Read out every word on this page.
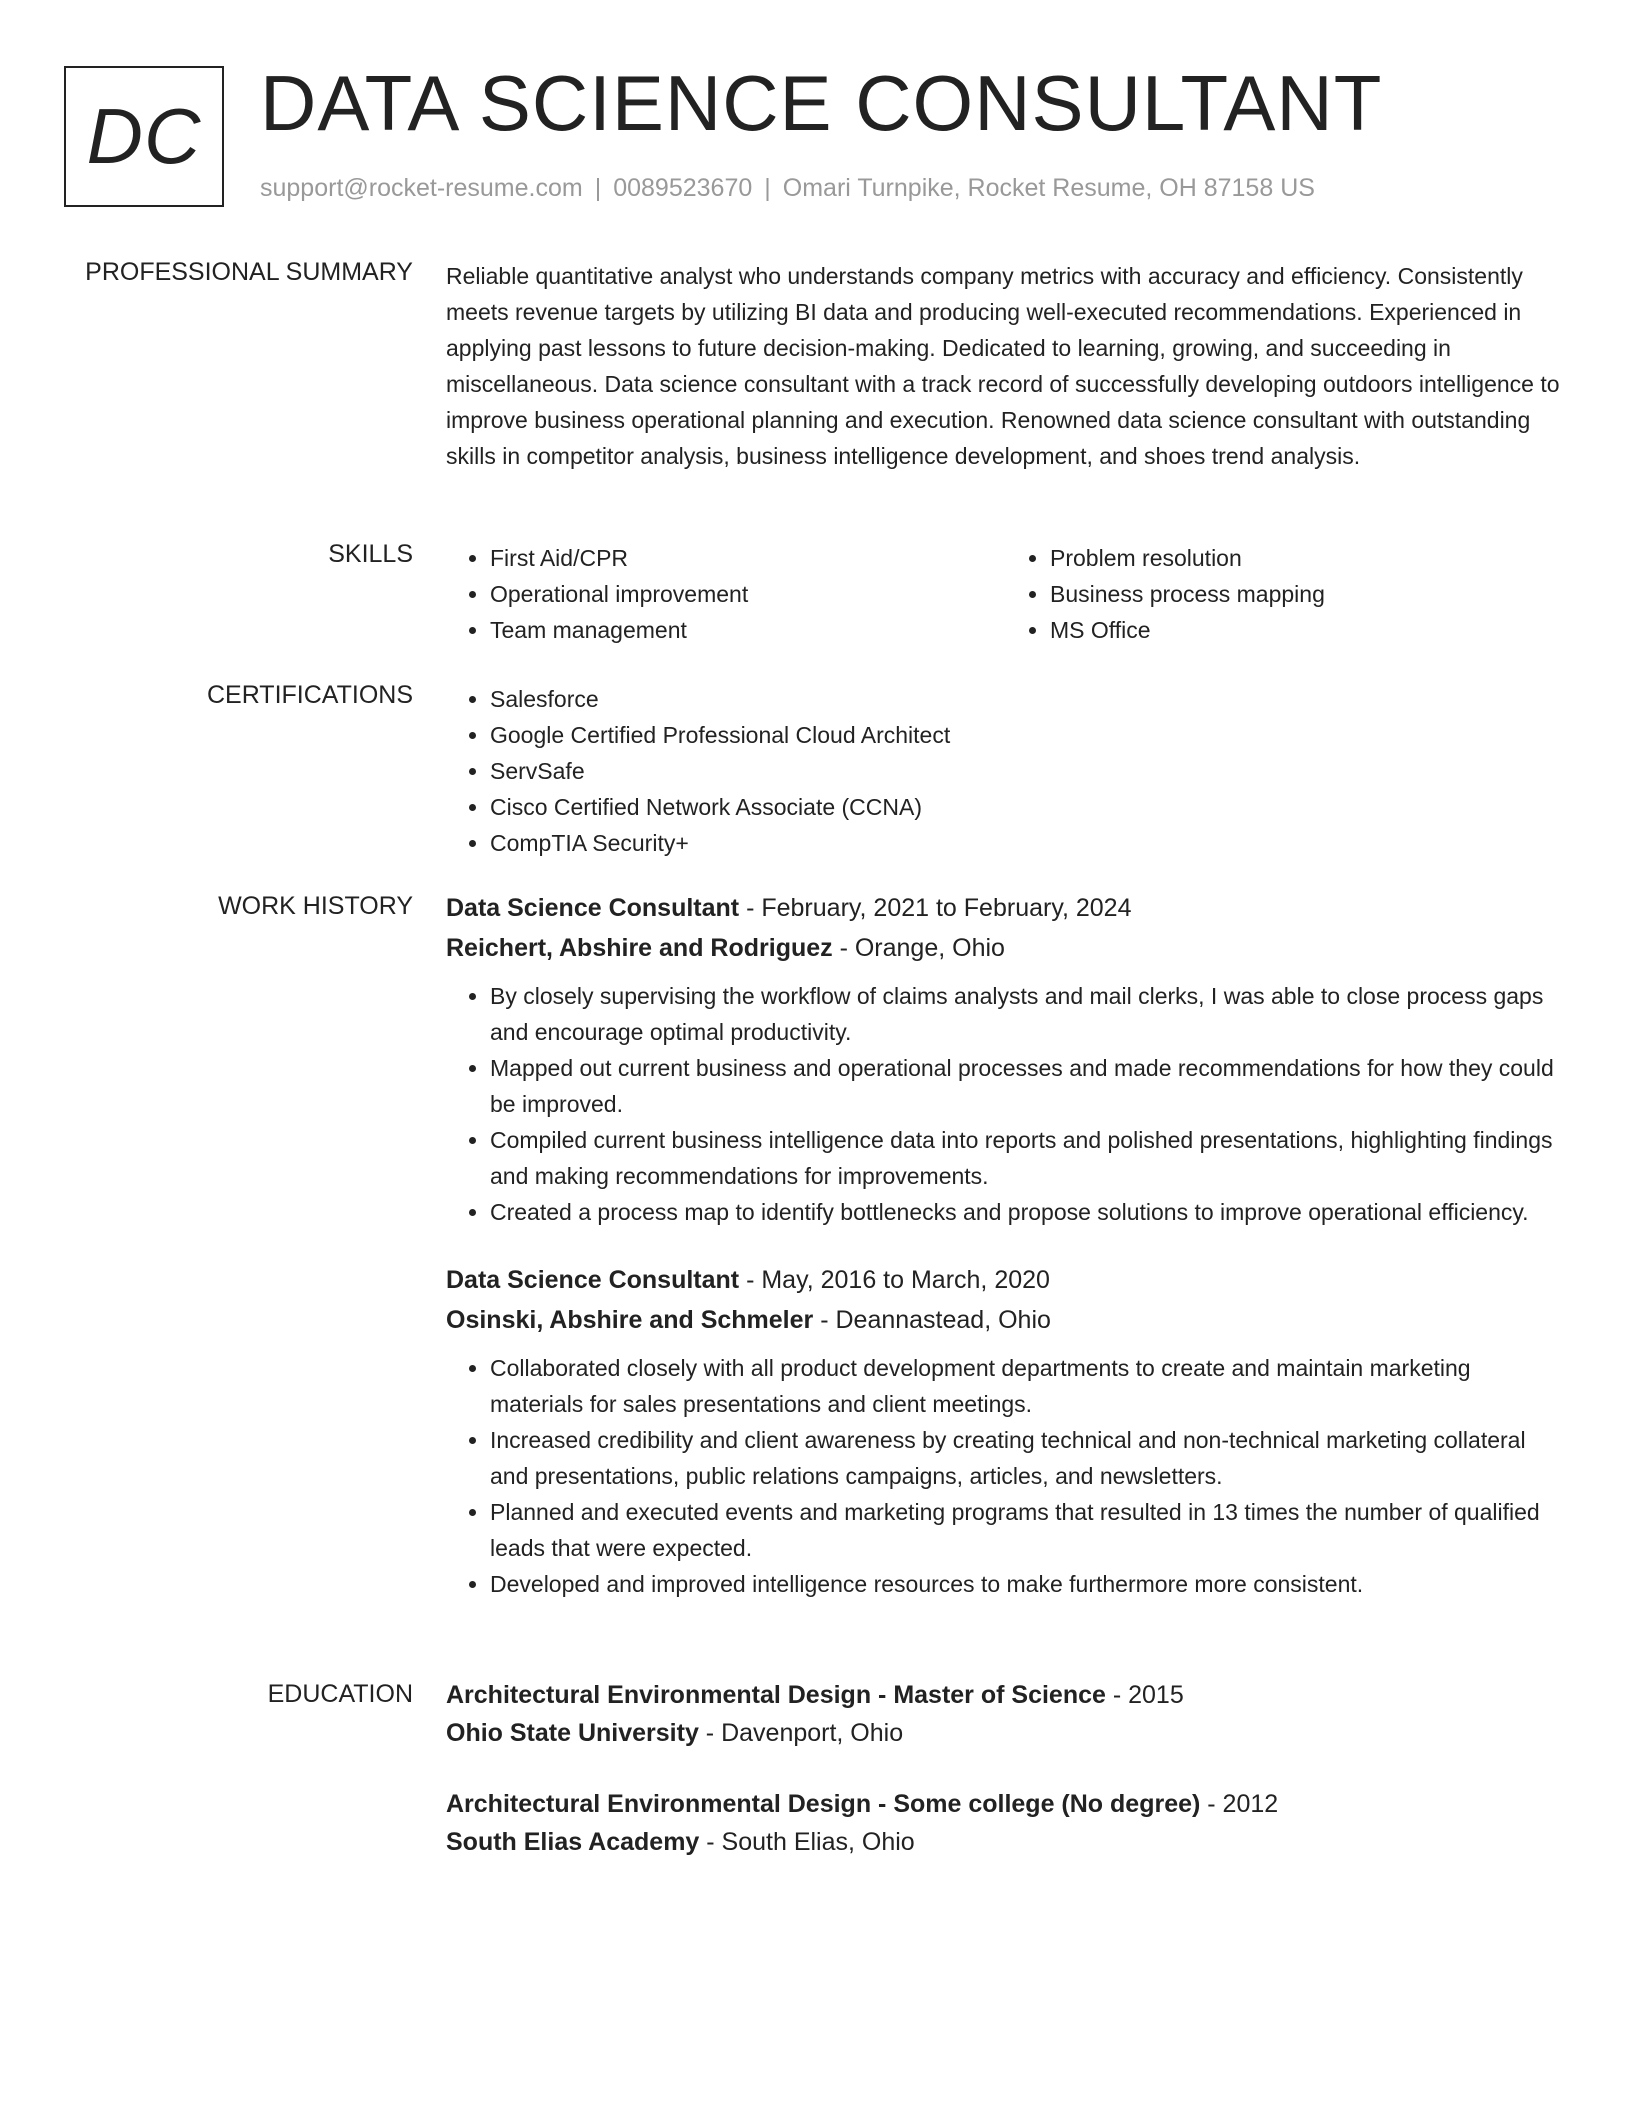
DC DATA SCIENCE CONSULTANT
support@rocket-resume.com | 0089523670 | Omari Turnpike, Rocket Resume, OH 87158 US
PROFESSIONAL SUMMARY Reliable quantitative analyst who understands company metrics with accuracy and efficiency. Consistently meets revenue targets by utilizing BI data and producing well-executed recommendations. Experienced in applying past lessons to future decision-making. Dedicated to learning, growing, and succeeding in miscellaneous. Data science consultant with a track record of successfully developing outdoors intelligence to improve business operational planning and execution. Renowned data science consultant with outstanding skills in competitor analysis, business intelligence development, and shoes trend analysis.

SKILLS	• First Aid/CPR
• Operational improvement
• Team management
• Problem resolution
• Business process mapping
• MS Office
CERTIFICATIONS	• Salesforce
• Google Certified Professional Cloud Architect
• ServSafe
• Cisco Certified Network Associate (CCNA)
• CompTIA Security+
WORK HISTORY Data Science Consultant - February, 2021 to February, 2024
Reichert, Abshire and Rodriguez - Orange, Ohio
• By closely supervising the workflow of claims analysts and mail clerks, I was able to close process gaps and encourage optimal productivity.
• Mapped out current business and operational processes and made recommendations for how they could be improved.
• Compiled current business intelligence data into reports and polished presentations, highlighting findings and making recommendations for improvements.
• Created a process map to identify bottlenecks and propose solutions to improve operational efficiency.
Data Science Consultant - May, 2016 to March, 2020
Osinski, Abshire and Schmeler - Deannastead, Ohio
• Collaborated closely with all product development departments to create and maintain marketing materials for sales presentations and client meetings.
• Increased credibility and client awareness by creating technical and non-technical marketing collateral and presentations, public relations campaigns, articles, and newsletters.
• Planned and executed events and marketing programs that resulted in 13 times the number of qualified leads that were expected.
• Developed and improved intelligence resources to make furthermore more consistent.
EDUCATION Architectural Environmental Design - Master of Science - 2015
Ohio State University - Davenport, Ohio
Architectural Environmental Design - Some college (No degree) - 2012
South Elias Academy - South Elias, Ohio
